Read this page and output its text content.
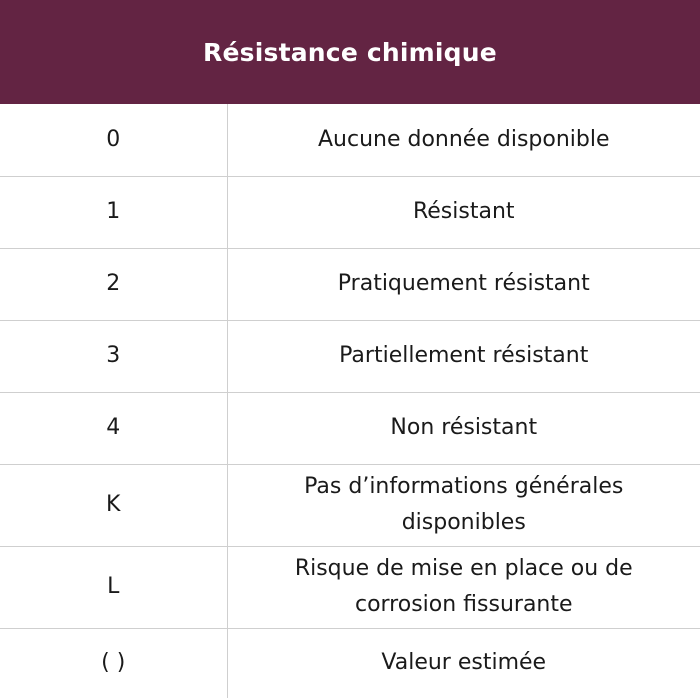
Résistance chimique
0	Aucune donnée disponible
1	Résistant
2	Pratiquement résistant
3	Partiellement résistant
4	Non résistant
K	Pas d’informations générales disponibles
L	Risque de mise en place ou de corrosion fissurante
( )	Valeur estimée
